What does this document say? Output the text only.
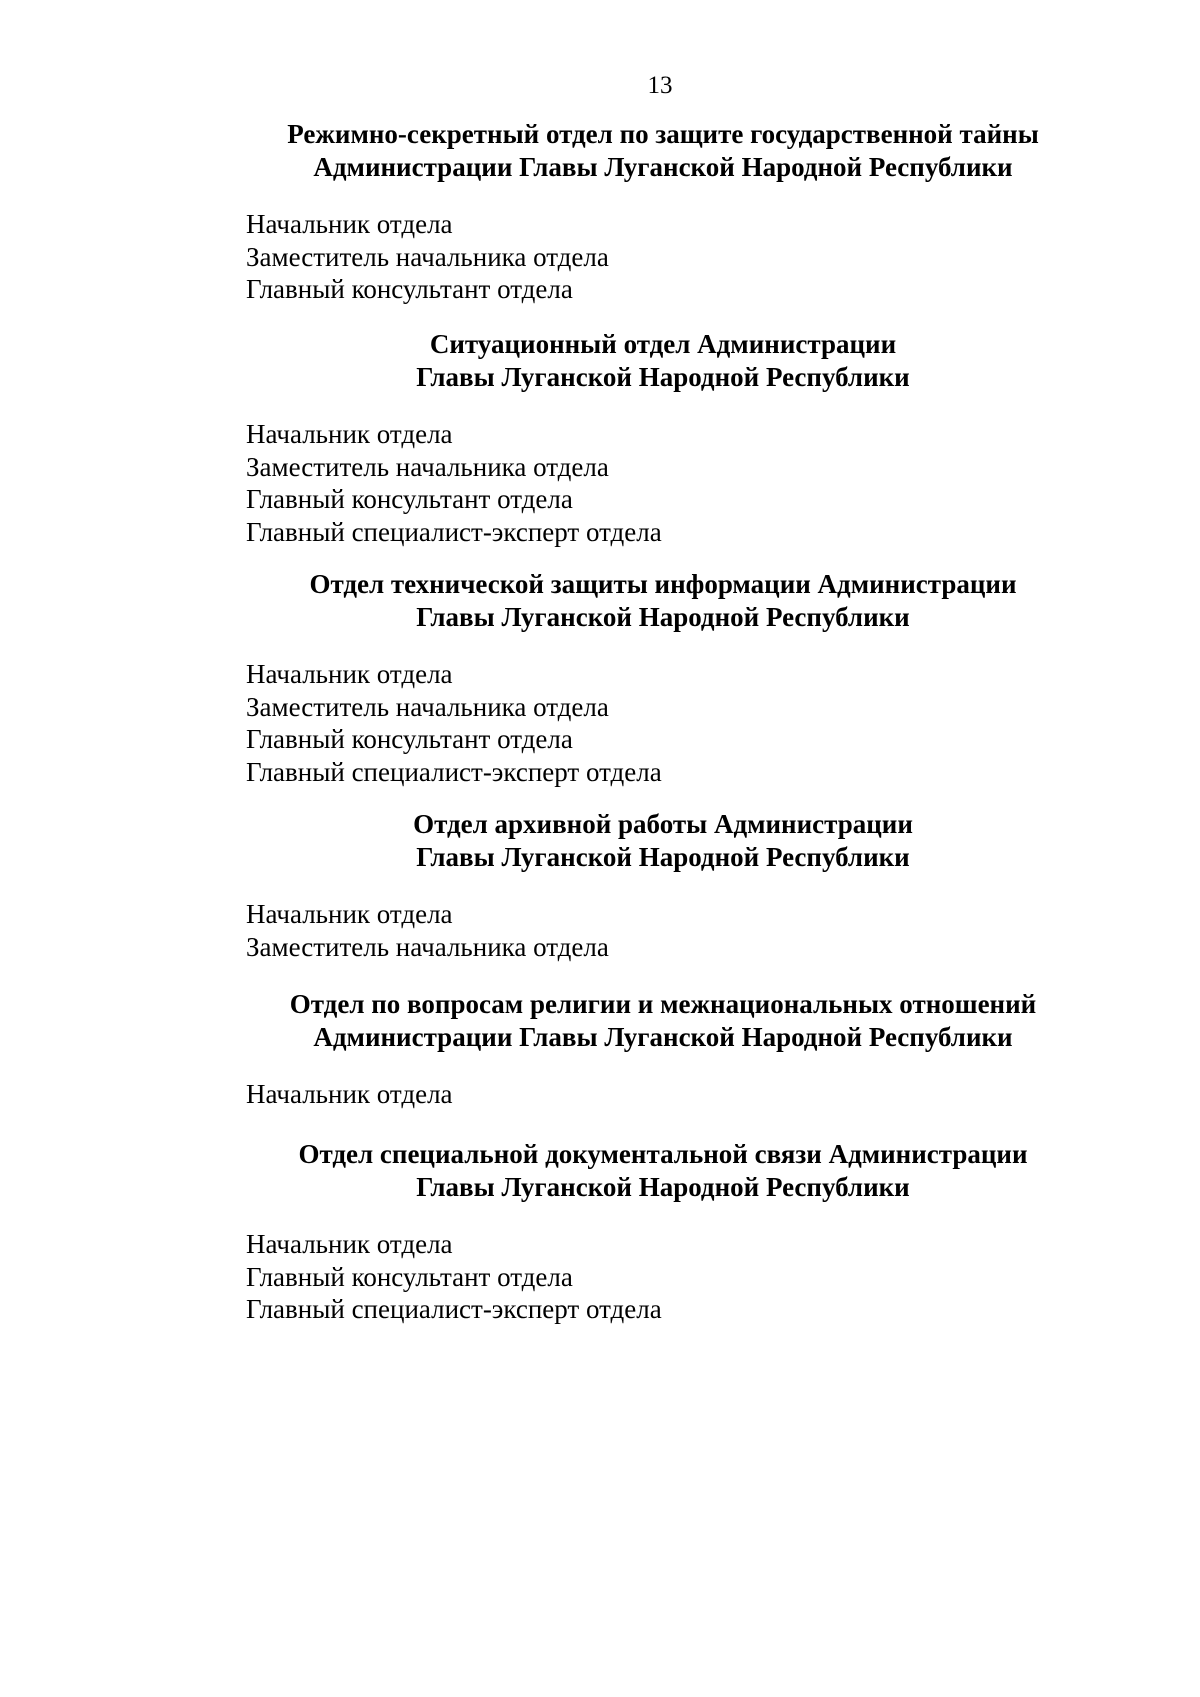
13
Режимно-секретный отдел по защите государственной тайны
Администрации Главы Луганской Народной Республики
Начальник отдела
Заместитель начальника отдела
Главный консультант отдела
Ситуационный отдел Администрации
Главы Луганской Народной Республики
Начальник отдела
Заместитель начальника отдела
Главный консультант отдела
Главный специалист-эксперт отдела
Отдел технической защиты информации Администрации
Главы Луганской Народной Республики
Начальник отдела
Заместитель начальника отдела
Главный консультант отдела
Главный специалист-эксперт отдела
Отдел архивной работы Администрации
Главы Луганской Народной Республики
Начальник отдела
Заместитель начальника отдела
Отдел по вопросам религии и межнациональных отношений
Администрации Главы Луганской Народной Республики
Начальник отдела
Отдел специальной документальной связи Администрации
Главы Луганской Народной Республики
Начальник отдела
Главный консультант отдела
Главный специалист-эксперт отдела
